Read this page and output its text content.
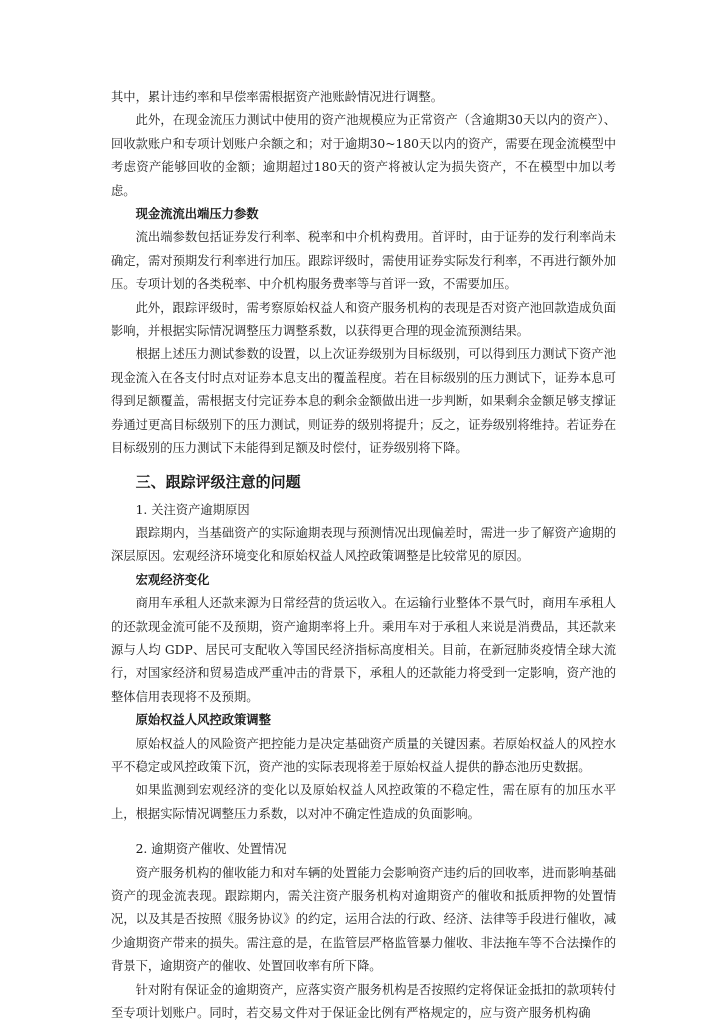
其中，累计违约率和早偿率需根据资产池账龄情况进行调整。

此外，在现金流压力测试中使用的资产池规模应为正常资产（含逾期30天以内的资产）、回收款账户和专项计划账户余额之和；对于逾期30~180天以内的资产，需要在现金流模型中考虑资产能够回收的金额；逾期超过180天的资产将被认定为损失资产，不在模型中加以考虑。

现金流流出端压力参数

流出端参数包括证券发行利率、税率和中介机构费用。首评时，由于证券的发行利率尚未确定，需对预期发行利率进行加压。跟踪评级时，需使用证券实际发行利率，不再进行额外加压。专项计划的各类税率、中介机构服务费率等与首评一致，不需要加压。

此外，跟踪评级时，需考察原始权益人和资产服务机构的表现是否对资产池回款造成负面影响，并根据实际情况调整压力调整系数，以获得更合理的现金流预测结果。

根据上述压力测试参数的设置，以上次证券级别为目标级别，可以得到压力测试下资产池现金流入在各支付时点对证券本息支出的覆盖程度。若在目标级别的压力测试下，证券本息可得到足额覆盖，需根据支付完证券本息的剩余金额做出进一步判断，如果剩余金额足够支撑证券通过更高目标级别下的压力测试，则证券的级别将提升；反之，证券级别将维持。若证券在目标级别的压力测试下未能得到足额及时偿付，证券级别将下降。

三、跟踪评级注意的问题

1. 关注资产逾期原因

跟踪期内，当基础资产的实际逾期表现与预测情况出现偏差时，需进一步了解资产逾期的深层原因。宏观经济环境变化和原始权益人风控政策调整是比较常见的原因。

宏观经济变化

商用车承租人还款来源为日常经营的货运收入。在运输行业整体不景气时，商用车承租人的还款现金流可能不及预期，资产逾期率将上升。乘用车对于承租人来说是消费品，其还款来源与人均 GDP、居民可支配收入等国民经济指标高度相关。目前，在新冠肺炎疫情全球大流行，对国家经济和贸易造成严重冲击的背景下，承租人的还款能力将受到一定影响，资产池的整体信用表现将不及预期。

原始权益人风控政策调整

原始权益人的风险资产把控能力是决定基础资产质量的关键因素。若原始权益人的风控水平不稳定或风控政策下沉，资产池的实际表现将差于原始权益人提供的静态池历史数据。

如果监测到宏观经济的变化以及原始权益人风控政策的不稳定性，需在原有的加压水平上，根据实际情况调整压力系数，以对冲不确定性造成的负面影响。

2. 逾期资产催收、处置情况

资产服务机构的催收能力和对车辆的处置能力会影响资产违约后的回收率，进而影响基础资产的现金流表现。跟踪期内，需关注资产服务机构对逾期资产的催收和抵质押物的处置情况，以及其是否按照《服务协议》的约定，运用合法的行政、经济、法律等手段进行催收，减少逾期资产带来的损失。需注意的是，在监管层严格监管暴力催收、非法拖车等不合法操作的背景下，逾期资产的催收、处置回收率有所下降。

针对附有保证金的逾期资产，应落实资产服务机构是否按照约定将保证金抵扣的款项转付至专项计划账户。同时，若交易文件对于保证金比例有严格规定的，应与资产服务机构确
